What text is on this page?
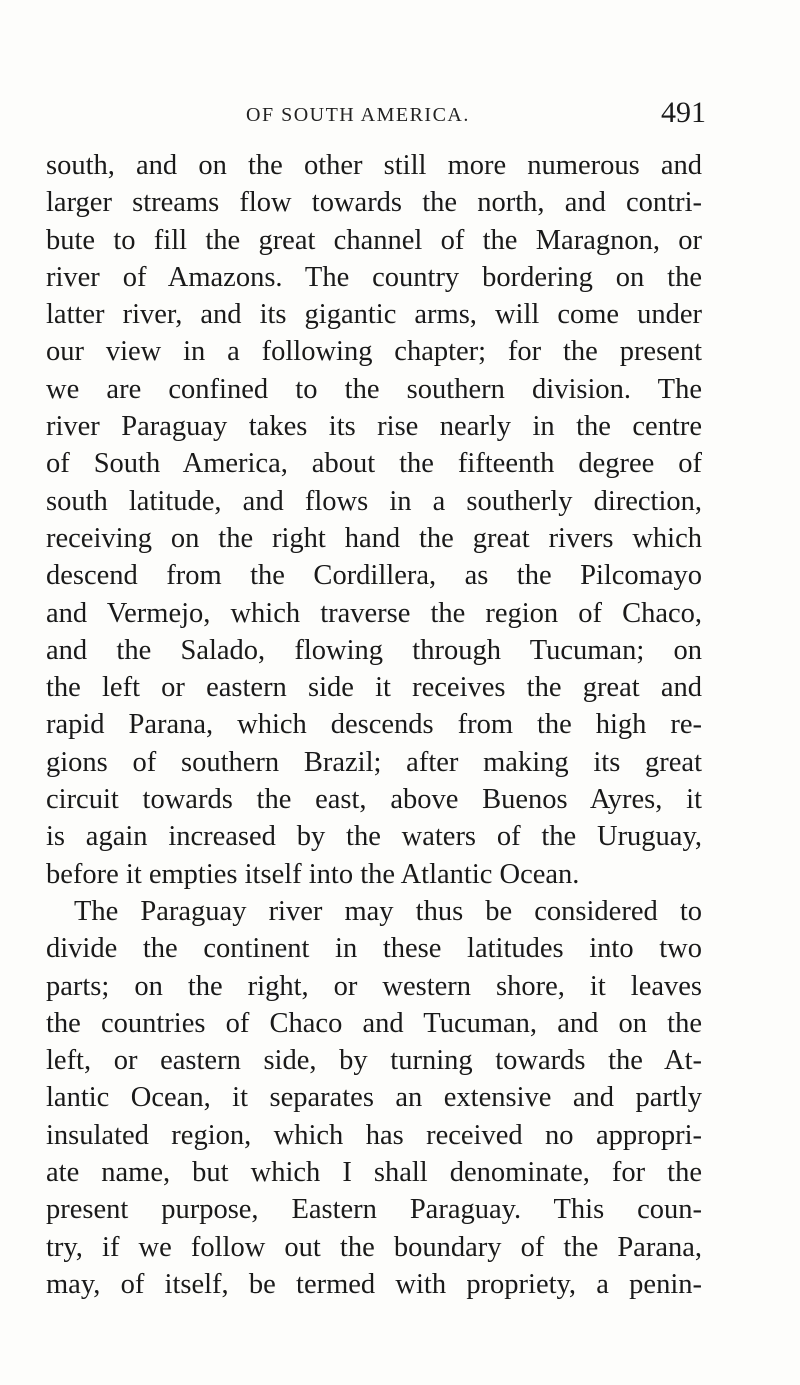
OF SOUTH AMERICA.	491
south, and on the other still more numerous and
larger streams flow towards the north, and contri-
bute to fill the great channel of the Maragnon, or
river of Amazons. The country bordering on the
latter river, and its gigantic arms, will come under
our view in a following chapter; for the present
we are confined to the southern division. The
river Paraguay takes its rise nearly in the centre
of South America, about the fifteenth degree of
south latitude, and flows in a southerly direction,
receiving on the right hand the great rivers which
descend from the Cordillera, as the Pilcomayo
and Vermejo, which traverse the region of Chaco,
and the Salado, flowing through Tucuman; on
the left or eastern side it receives the great and
rapid Parana, which descends from the high re-
gions of southern Brazil; after making its great
circuit towards the east, above Buenos Ayres, it
is again increased by the waters of the Uruguay,
before it empties itself into the Atlantic Ocean.
The Paraguay river may thus be considered to
divide the continent in these latitudes into two
parts; on the right, or western shore, it leaves
the countries of Chaco and Tucuman, and on the
left, or eastern side, by turning towards the At-
lantic Ocean, it separates an extensive and partly
insulated region, which has received no appropri-
ate name, but which I shall denominate, for the
present purpose, Eastern Paraguay. This coun-
try, if we follow out the boundary of the Parana,
may, of itself, be termed with propriety, a penin-
